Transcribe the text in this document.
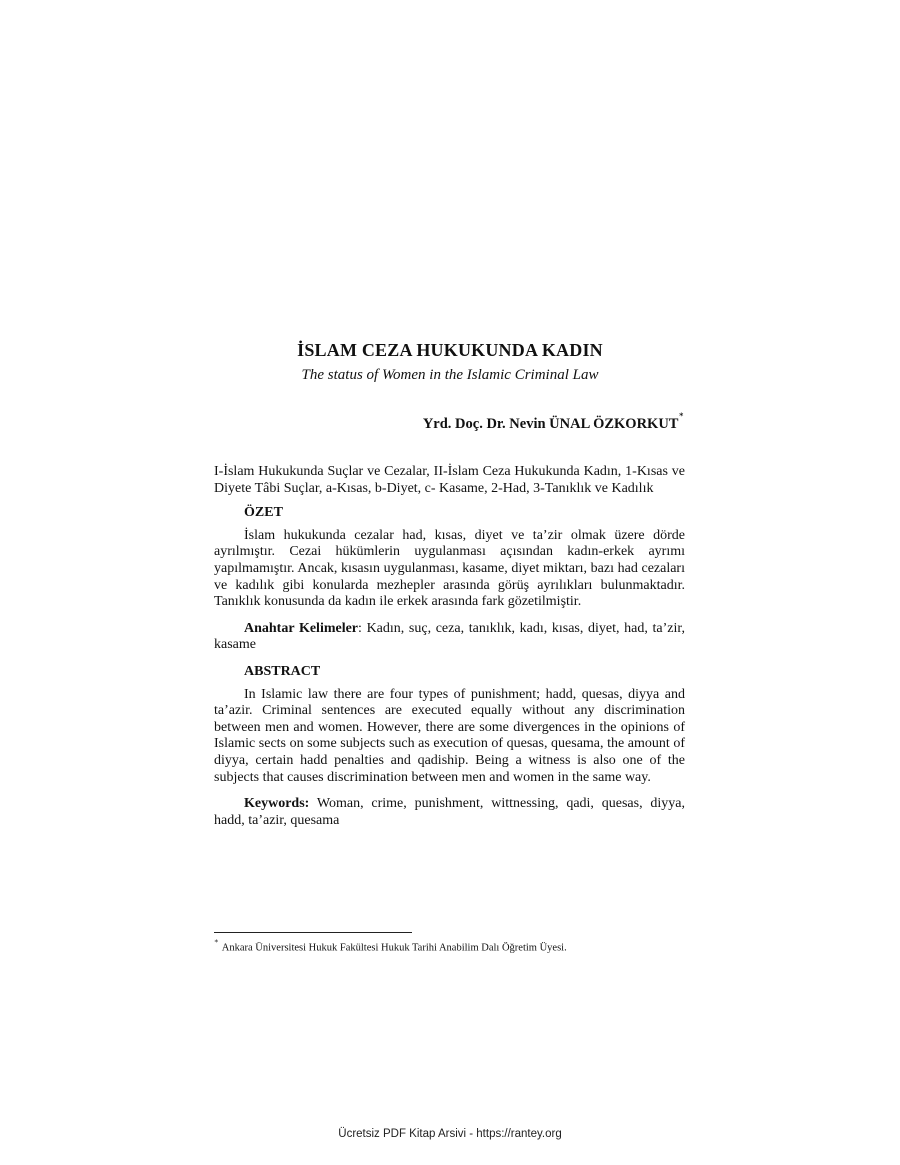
İSLAM CEZA HUKUKUNDA KADIN
The status of Women in the Islamic Criminal Law
Yrd. Doç. Dr. Nevin ÜNAL ÖZKORKUT∗

I-İslam Hukukunda Suçlar ve Cezalar, II-İslam Ceza Hukukunda Kadın, 1-Kısas ve Diyete Tâbi Suçlar, a-Kısas, b-Diyet, c- Kasame, 2-Had, 3-Tanıklık ve Kadılık

ÖZET

İslam hukukunda cezalar had, kısas, diyet ve ta’zir olmak üzere dörde ayrılmıştır. Cezai hükümlerin uygulanması açısından kadın-erkek ayrımı yapılmamıştır. Ancak, kısasın uygulanması, kasame, diyet miktarı, bazı had cezaları ve kadılık gibi konularda mezhepler arasında görüş ayrılıkları bulunmaktadır. Tanıklık konusunda da kadın ile erkek arasında fark gözetilmiştir.

Anahtar Kelimeler: Kadın, suç, ceza, tanıklık, kadı, kısas, diyet, had, ta’zir, kasame

ABSTRACT

In Islamic law there are four types of punishment; hadd, quesas, diyya and ta’azir. Criminal sentences are executed equally without any discrimination between men and women. However, there are some divergences in the opinions of Islamic sects on some subjects such as execution of quesas, quesama, the amount of diyya, certain hadd penalties and qadiship. Being a witness is also one of the subjects that causes discrimination between men and women in the same way.

Keywords: Woman, crime, punishment, wittnessing, qadi, quesas, diyya, hadd, ta’azir, quesama

∗Ankara Üniversitesi Hukuk Fakültesi Hukuk Tarihi Anabilim Dalı Öğretim Üyesi.
Ücretsiz PDF Kitap Arsivi - https://rantey.org
